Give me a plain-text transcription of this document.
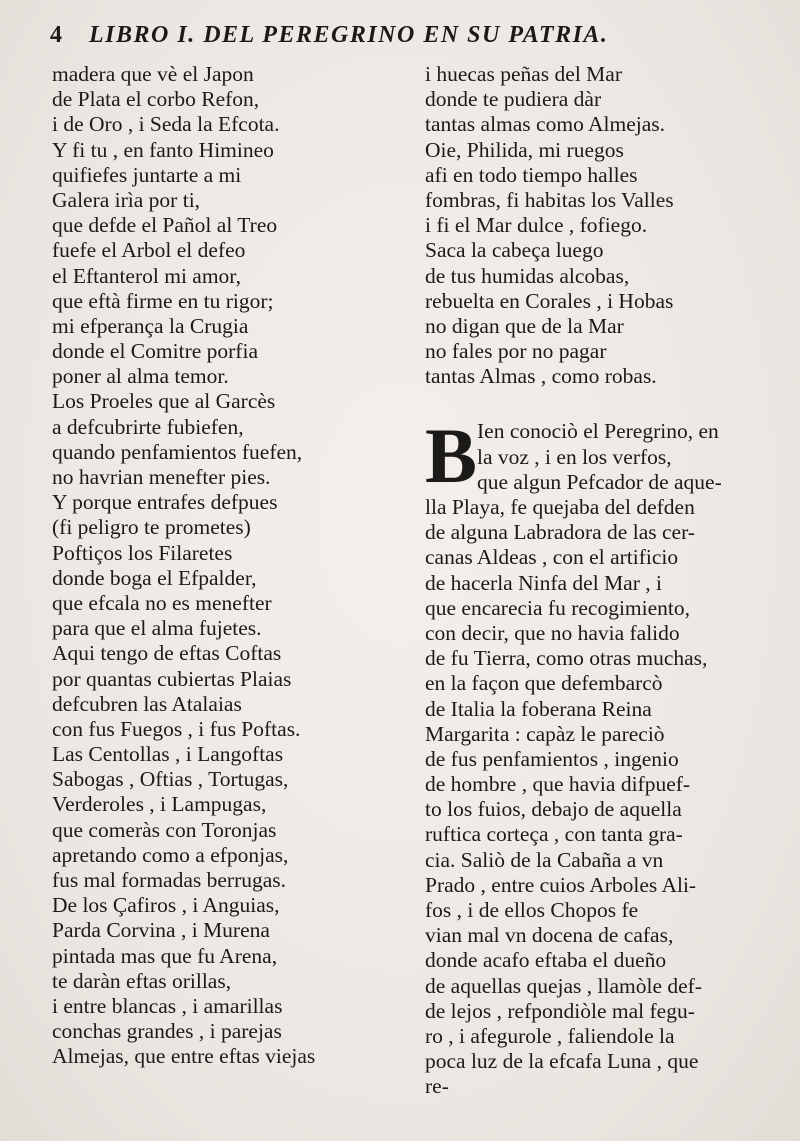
4 LIBRO I. DEL PEREGRINO EN SU PATRIA.
madera que vè el Japon
de Plata el corbo Refon,
i de Oro , i Seda la Efcota.
Y fi tu , en fanto Himineo
quifiefes juntarte a mi
Galera irìa por ti,
que defde el Pañol al Treo
fuefe el Arbol el defeo
el Eftanterol mi amor,
que eftà firme en tu rigor;
mi efperança la Crugia
donde el Comitre porfia
poner al alma temor.
Los Proeles que al Garcès
a defcubrirte fubiefen,
quando penfamientos fuefen,
no havrian menefter pies.
Y porque entrafes defpues
(fi peligro te prometes)
Poftiços los Filaretes
donde boga el Efpalder,
que efcala no es menefter
para que el alma fujetes.
Aqui tengo de eftas Coftas
por quantas cubiertas Plaias
defcubren las Atalaias
con fus Fuegos , i fus Poftas.
Las Centollas , i Langoftas
Sabogas , Oftias , Tortugas,
Verderoles , i Lampugas,
que comeràs con Toronjas
apretando como a efponjas,
fus mal formadas berrugas.
De los Çafiros , i Anguias,
Parda Corvina , i Murena
pintada mas que fu Arena,
te daràn eftas orillas,
i entre blancas , i amarillas
conchas grandes , i parejas
Almejas, que entre eftas viejas
i huecas peñas del Mar
donde te pudiera dàr
tantas almas como Almejas.
Oie, Philida, mi ruegos
afi en todo tiempo halles
fombras, fi habitas los Valles
i fi el Mar dulce , fofiego.
Saca la cabeça luego
de tus humidas alcobas,
rebuelta en Corales , i Hobas
no digan que de la Mar
no fales por no pagar
tantas Almas , como robas.
B Ien conociò el Peregrino, en
la voz , i en los verfos,
que algun Pefcador de aque-
lla Playa, fe quejaba del defden
de alguna Labradora de las cer-
canas Aldeas , con el artificio
de hacerla Ninfa del Mar , i
que encarecia fu recogimiento,
con decir, que no havia falido
de fu Tierra, como otras muchas,
en la façon que defembarcò
de Italia la foberana Reina
Margarita : capàz le pareciò
de fus penfamientos , ingenio
de hombre , que havia difpuef-
to los fuios, debajo de aquella
ruftica corteça , con tanta gra-
cia. Saliò de la Cabaña a vn
Prado , entre cuios Arboles Ali-
fos , i de ellos Chopos fe
vian mal vn docena de cafas,
donde acafo eftaba el dueño
de aquellas quejas , llamòle def-
de lejos , refpondiòle mal fegu-
ro , i afegurole , faliendole la
poca luz de la efcafa Luna , que
re-
